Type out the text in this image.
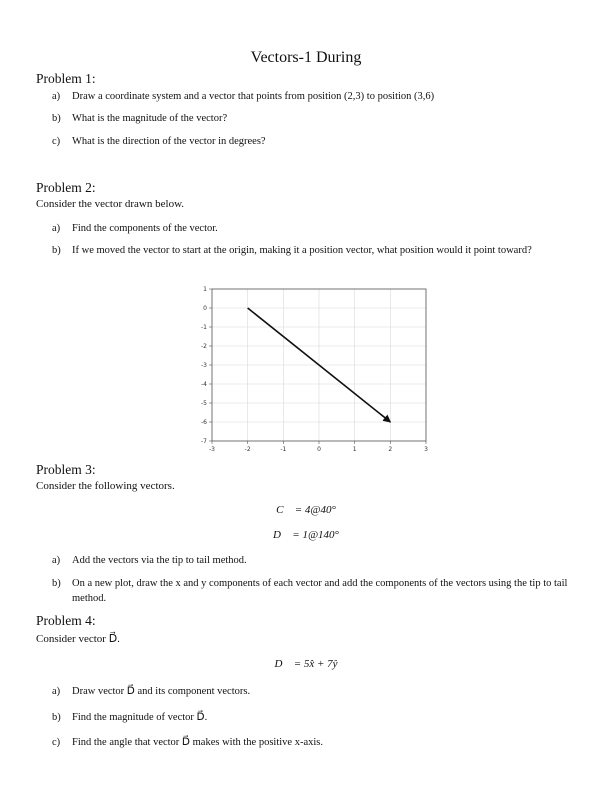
Vectors-1 During
Problem 1:
a) Draw a coordinate system and a vector that points from position (2,3) to position (3,6)
b) What is the magnitude of the vector?
c) What is the direction of the vector in degrees?
Problem 2:
Consider the vector drawn below.
a) Find the components of the vector.
b) If we moved the vector to start at the origin, making it a position vector, what position would it point toward?
-3	-2	-1	0	1	2	3
1
0
-1
-2
-3
-4
-5
-6
-7
Problem 3:
Consider the following vectors.
C⃗ = 4@40°
D⃗ = 1@140°
a) Add the vectors via the tip to tail method.
b) On a new plot, draw the x and y components of each vector and add the components of the vectors using the tip to tail method.
Problem 4:
Consider vector D⃗.
D⃗ = 5x̂ + 7ŷ
a) Draw vector D⃗ and its component vectors.
b) Find the magnitude of vector D⃗.
c) Find the angle that vector D⃗ makes with the positive x-axis.
